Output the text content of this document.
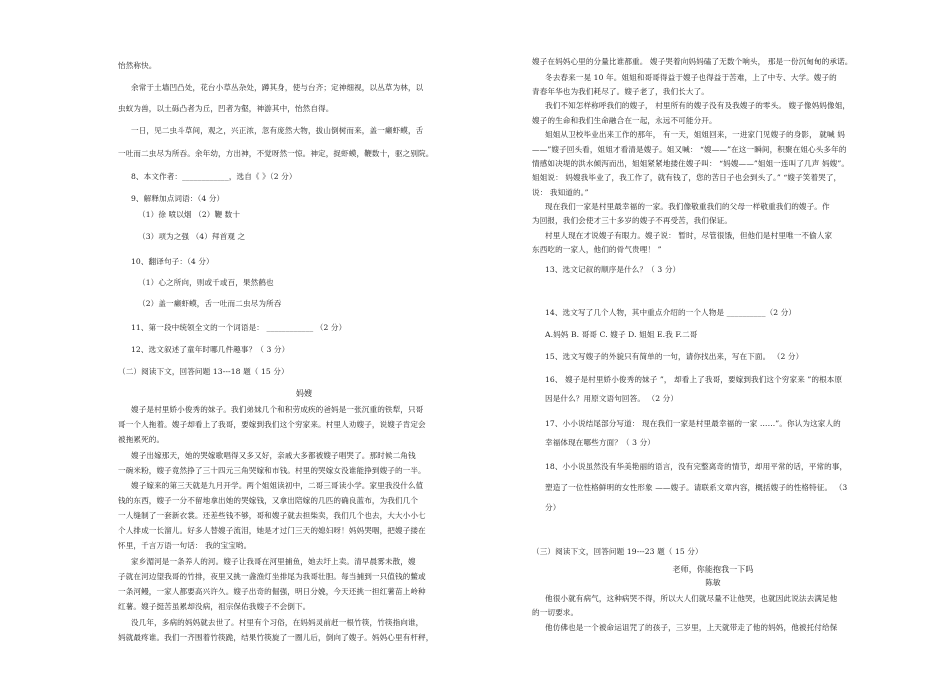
怡然称快。
余常于土墙凹凸处，花台小草丛杂处，蹲其身，使与台齐；定神细视，以丛草为林，以
虫蚁为兽，以土砾凸者为丘，凹者为壑，神游其中，怡然自得。
一日，见二虫斗草间，观之，兴正浓，忽有庞然大物，拔山倒树而来，盖一癞虾蟆，舌
一吐而二虫尽为所吞。余年幼，方出神，不觉呀然一惊。神定，捉虾蟆，鞭数十，驱之别院。
8、本文作者：____________，选自《 》（2 分）
9、解释加点词语：（4 分）
（1）徐 喷以烟 （2）鞭 数十
（3）项为之强 （4）拜首观 之
10、翻译句子：（4 分）
（1）心之所向，则或千或百，果然鹤也
（2）盖一癞虾蟆，舌一吐而二虫尽为所吞
11、第一段中统领全文的一个词语是： ____________ （2 分）
12、选文叙述了童年时哪几件趣事？（ 3 分）
（二）阅读下文，回答问题 13---18 题（ 15 分）
妈嫂
嫂子是村里娇小俊秀的妹子。我们弟妹几个和积劳成疾的爸妈是一张沉重的铁犁，只哥
哥一个人拖着。嫂子却看上了我哥，要嫁到我们这个穷家来。村里人劝嫂子，说嫂子肯定会
被拖累死的。
嫂子出嫁那天，她的哭嫁歌唱得又多又好，亲戚大多都被嫂子唱哭了。那时候二角钱
一碗米粉，嫂子竟然挣了三十四元三角哭嫁和市钱。村里的哭嫁女没谁能挣到嫂子的一半。
嫂子嫁来的第三天就是九月开学。两个姐姐读初中，二哥三哥读小学。家里我没什么值
钱的东西，嫂子一分不留地拿出她的哭嫁钱，又拿出陪嫁的几匹的确良蓝布，为我们几个
一人缝制了一套新衣裳。还差些钱不够，哥和嫂子就去担柴卖，我们几个也去，大大小小七
个人排成一长溜儿。好多人替嫂子流泪，她是才过门三天的媳妇呀！妈妈哭咽，把嫂子搂在
怀里，千言万语一句话： 我的宝宝哟。
家乡湄河是一条养人的河。嫂子让我哥在河里捕鱼，她去圩上卖。清早晨雾未散，嫂
子就在河边望我哥的竹排，夜里又挑一盏渔灯坐排尾为我哥壮胆。每当捕到一只值钱的鳖或
一条河鳗，一家人都要高兴许久。嫂子出奇的倔强，明日分娩，今天还挑一担红薯苗上岭种
红薯。嫂子挺苦虽累却没病，祖宗保佑我嫂子不会倒下。
没几年，多病的妈妈就去世了。村里有个习俗，在妈妈灵前赶一根竹筷，竹筷指向谁，
妈就最疼谁。我们一齐围着竹筷跪，结果竹筷旋了一圈儿后，倒向了嫂子。妈妈心里有杆秤，
嫂子在妈妈心里的分量比谁都重。 嫂子哭着向妈妈磕了无数个响头， 那是一份沉甸甸的承诺。
冬去春来一晃 10 年。姐姐和哥哥得益于嫂子也得益于苦难，上了中专、大学。嫂子的
青春年华也为我们耗尽了。嫂子老了，我们长大了。
我们不知怎样称呼我们的嫂子， 村里所有的嫂子没有及我嫂子的零头。 嫂子像妈妈像姐，
嫂子的生命和我们生命融合在一起，永远不可能分开。
姐姐从卫校毕业出来工作的那年， 有一天，姐姐回来，一进家门见嫂子的身影， 就喊 妈
——”嫂子回头看，姐姐才看清是嫂子。姐又喊： “嫂——”在这一瞬间，积聚在姐心头多年的
情感如决堤的洪水倾泻而出，姐姐紧紧地搂住嫂子叫： “妈嫂——”姐姐一连叫了几声 妈嫂”。
姐姐说： 妈嫂我毕业了，我工作了，就有钱了，您的苦日子也会到头了。” “嫂子笑着哭了，
说： 我知道的。”
现在我们一家是村里最幸福的一家。我们像敬重我们的父母一样敬重我们的嫂子。作
为回报，我们会使才三十多岁的嫂子不再受苦，我们保证。
村里人现在才说嫂子有眼力。嫂子说： 暂时，尽管很饿，但他们是村里唯一不偷人家
东西吃的一家人，他们的骨气贵哩！ ”
13、选文记叙的顺序是什么？（ 3 分）
14、选文写了几个人物，其中重点介绍的一个人物是 __________（2 分）
A.妈妈 B. 哥哥 C. 嫂子 D. 姐姐 E.我 F.二哥
15、选文写嫂子的外貌只有简单的一句，请你找出来，写在下面。 （2 分）
16、 嫂子是村里娇小俊秀的妹子 ”， 却看上了我哥，要嫁到我们这个穷家来 ”的根本原
因是什么？用原文语句回答。 （2 分）
17、小小说结尾部分写道： 现在我们一家是村里最幸福的一家 ……”。你认为这家人的
幸福体现在哪些方面？（ 3 分）
18、小小说虽然没有华美艳丽的语言，没有完整离奇的情节，却用平常的话，平常的事，
塑造了一位性格鲜明的女性形象 ——嫂子。请联系文章内容，概括嫂子的性格特征。 （3
分）
（三）阅读下文，回答问题 19---23 题（ 15 分）
老师，你能抱我一下吗
陈敏
他很小就有病气，这种病哭不得，所以大人们就尽量不让他哭，也就因此说法去满足他
的一切要求。
他仿佛也是一个被命运诅咒了的孩子，三岁里，上天就带走了他的妈妈，他被托付给保
